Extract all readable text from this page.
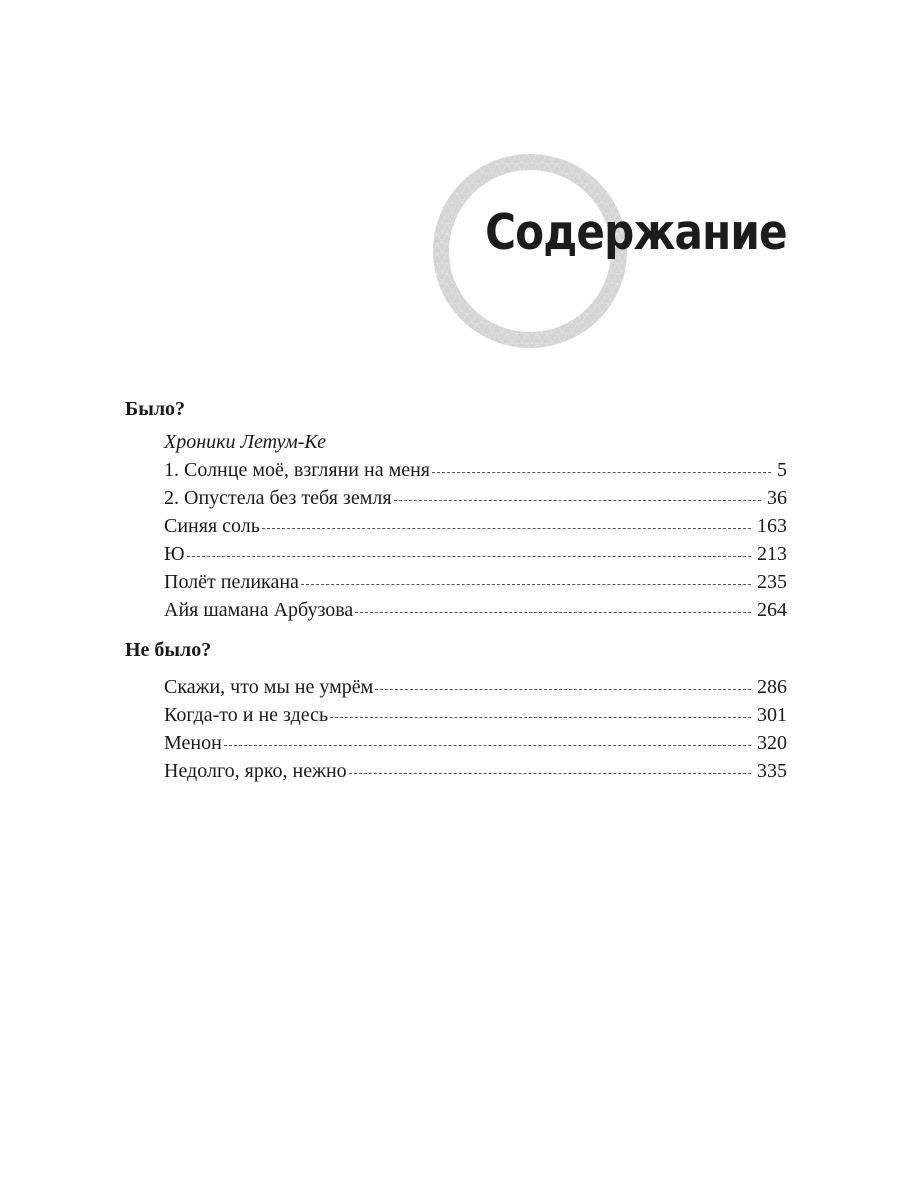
Содержание
Было?
Хроники Летум-Ке
1. Солнце моё, взгляни на меня	5
2. Опустела без тебя земля	36
Синяя соль	163
Ю	213
Полёт пеликана	235
Айя шамана Арбузова	264
Не было?
Скажи, что мы не умрём	286
Когда-то и не здесь	301
Менон	320
Недолго, ярко, нежно	335
